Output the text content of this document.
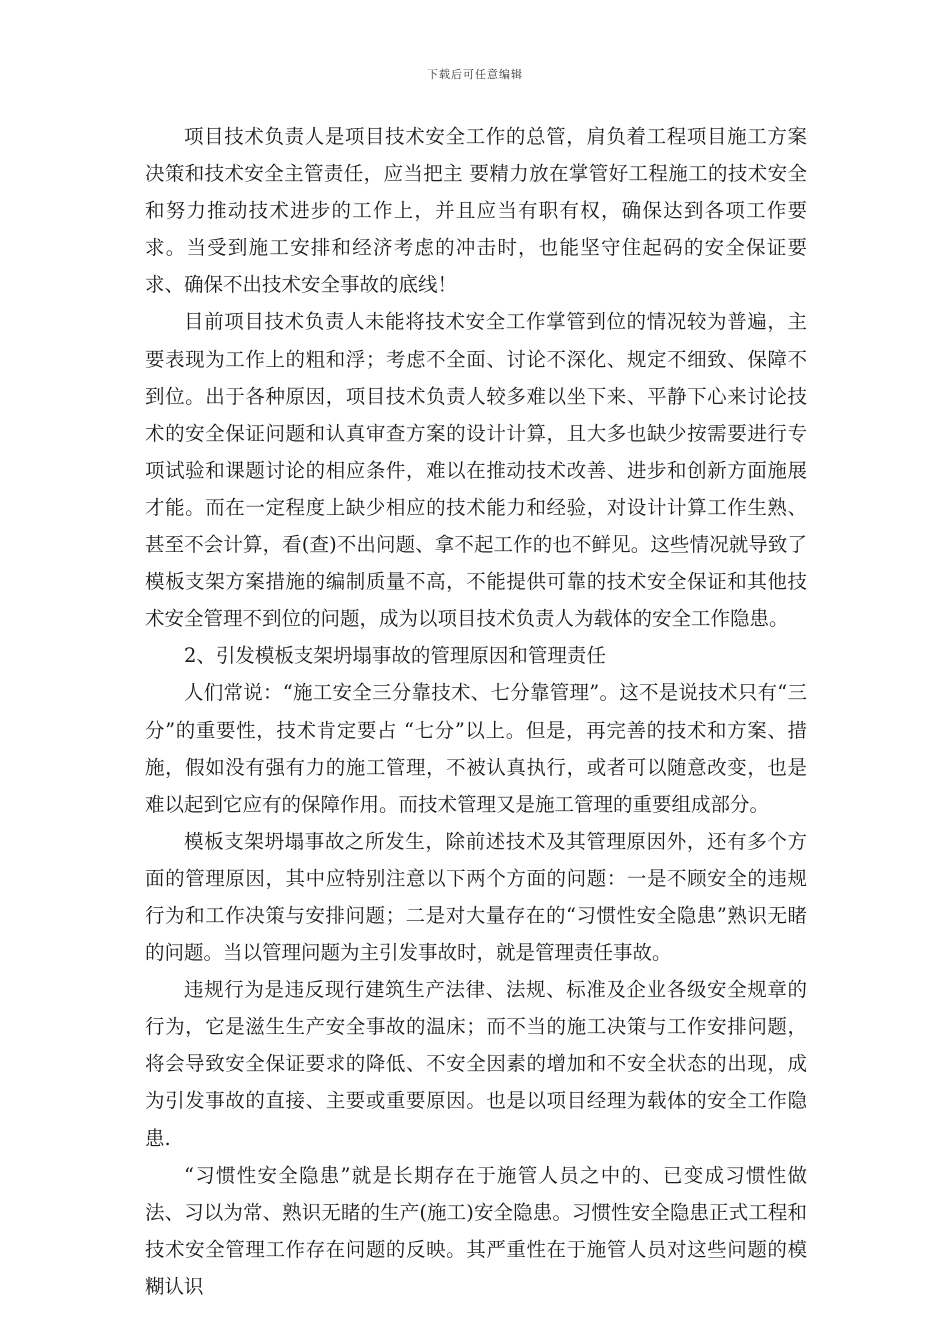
下载后可任意编辑

项目技术负责人是项目技术安全工作的总管，肩负着工程项目施工方案决策和技术安全主管责任，应当把主 要精力放在掌管好工程施工的技术安全和努力推动技术进步的工作上，并且应当有职有权，确保达到各项工作要求。当受到施工安排和经济考虑的冲击时，也能坚守住起码的安全保证要求、确保不出技术安全事故的底线！

目前项目技术负责人未能将技术安全工作掌管到位的情况较为普遍，主要表现为工作上的粗和浮；考虑不全面、讨论不深化、规定不细致、保障不到位。出于各种原因，项目技术负责人较多难以坐下来、平静下心来讨论技术的安全保证问题和认真审查方案的设计计算，且大多也缺少按需要进行专项试验和课题讨论的相应条件，难以在推动技术改善、进步和创新方面施展才能。而在一定程度上缺少相应的技术能力和经验，对设计计算工作生熟、甚至不会计算，看(查)不出问题、拿不起工作的也不鲜见。这些情况就导致了模板支架方案措施的编制质量不高，不能提供可靠的技术安全保证和其他技术安全管理不到位的问题，成为以项目技术负责人为载体的安全工作隐患。

2、引发模板支架坍塌事故的管理原因和管理责任

人们常说：“施工安全三分靠技术、七分靠管理”。这不是说技术只有“三分”的重要性，技术肯定要占 “七分”以上。但是，再完善的技术和方案、措施，假如没有强有力的施工管理，不被认真执行，或者可以随意改变，也是难以起到它应有的保障作用。而技术管理又是施工管理的重要组成部分。

模板支架坍塌事故之所发生，除前述技术及其管理原因外，还有多个方面的管理原因，其中应特别注意以下两个方面的问题：一是不顾安全的违规行为和工作决策与安排问题；二是对大量存在的“习惯性安全隐患”熟识无睹的问题。当以管理问题为主引发事故时，就是管理责任事故。

违规行为是违反现行建筑生产法律、法规、标准及企业各级安全规章的行为，它是滋生生产安全事故的温床；而不当的施工决策与工作安排问题，将会导致安全保证要求的降低、不安全因素的增加和不安全状态的出现，成为引发事故的直接、主要或重要原因。也是以项目经理为载体的安全工作隐患.

“习惯性安全隐患”就是长期存在于施管人员之中的、已变成习惯性做法、习以为常、熟识无睹的生产(施工)安全隐患。习惯性安全隐患正式工程和技术安全管理工作存在问题的反映。其严重性在于施管人员对这些问题的模糊认识
